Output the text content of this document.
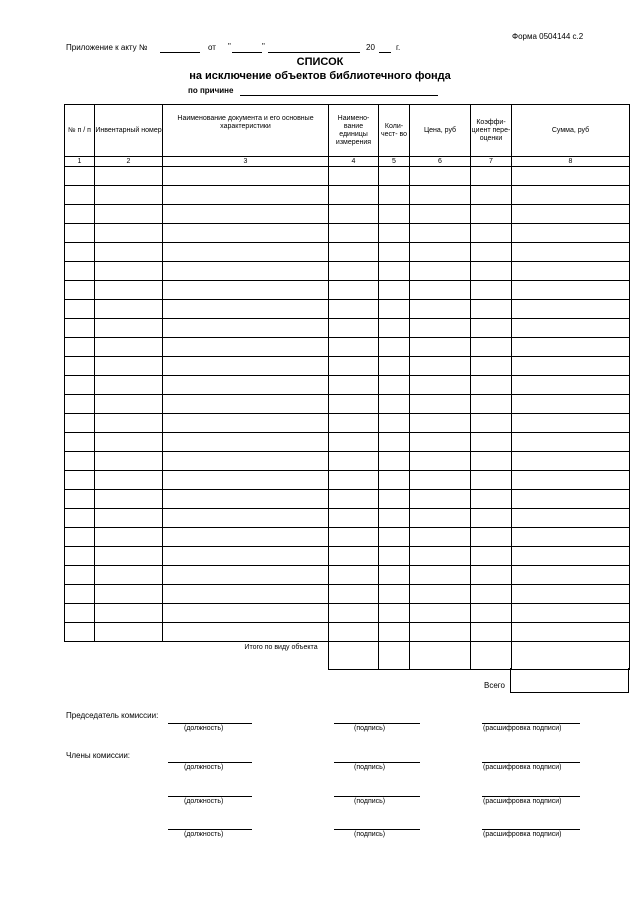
Форма 0504144 с.2
Приложение к акту №	от "	"	20	г.
СПИСОК
на исключение объектов библиотечного фонда
по причине
№ п / п	Инвентарный номер	Наименование документа и его основные характеристики	Наимено- вание единицы измерения	Коли- чест- во	Цена, руб	Коэффи- циент пере- оценки	Сумма, руб
1	2	3	4	5	6	7	8

Итого по виду объекта							
Председатель комиссии:
Члены комиссии:
(должность)	(подпись)	(расшифровка подписи)
(должность)	(подпись)	(расшифровка подписи)
(должность)	(подпись)	(расшифровка подписи)
(должность)	(подпись)	(расшифровка подписи)
Всего
